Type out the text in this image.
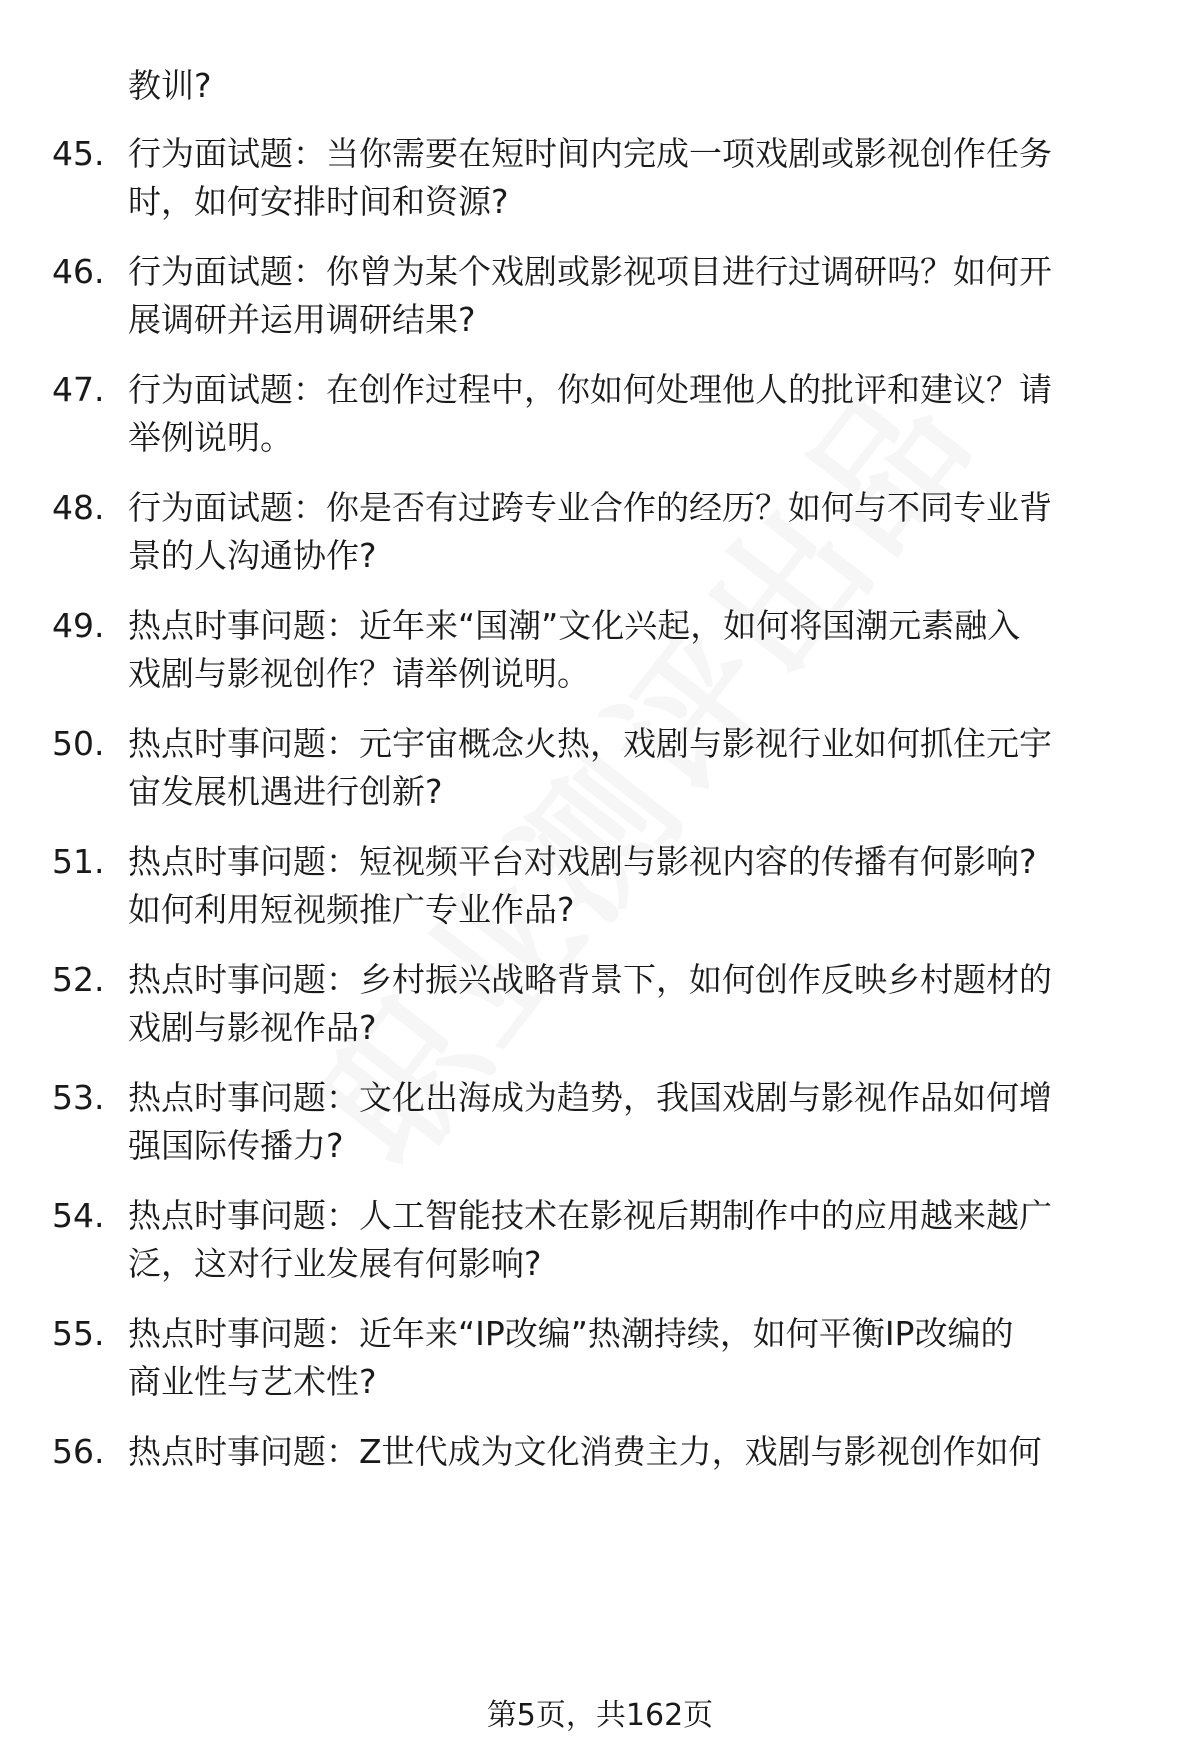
教训?
45. 行为面试题：当你需要在短时间内完成一项戏剧或影视创作任务
时，如何安排时间和资源?
46. 行为面试题：你曾为某个戏剧或影视项目进行过调研吗？如何开
展调研并运用调研结果?
47. 行为面试题：在创作过程中，你如何处理他人的批评和建议？请
举例说明。
48. 行为面试题：你是否有过跨专业合作的经历？如何与不同专业背
景的人沟通协作?
49. 热点时事问题：近年来“国潮”文化兴起，如何将国潮元素融入
戏剧与影视创作？请举例说明。
50. 热点时事问题：元宇宙概念火热，戏剧与影视行业如何抓住元宇
宙发展机遇进行创新?
51. 热点时事问题：短视频平台对戏剧与影视内容的传播有何影响?
如何利用短视频推广专业作品?
52. 热点时事问题：乡村振兴战略背景下，如何创作反映乡村题材的
戏剧与影视作品?
53. 热点时事问题：文化出海成为趋势，我国戏剧与影视作品如何增
强国际传播力?
54. 热点时事问题：人工智能技术在影视后期制作中的应用越来越广
泛，这对行业发展有何影响?
55. 热点时事问题：近年来“IP改编”热潮持续，如何平衡IP改编的
商业性与艺术性?
56. 热点时事问题：Z世代成为文化消费主力，戏剧与影视创作如何
第5页，共162页
